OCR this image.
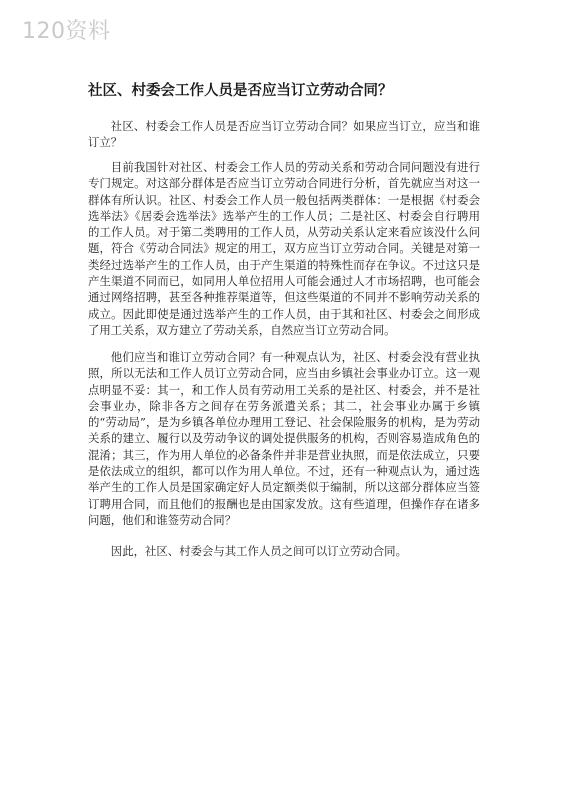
120资料
社区、村委会工作人员是否应当订立劳动合同？

社区、村委会工作人员是否应当订立劳动合同？如果应当订立，应当和谁订立？

目前我国针对社区、村委会工作人员的劳动关系和劳动合同问题没有进行专门规定。对这部分群体是否应当订立劳动合同进行分析，首先就应当对这一群体有所认识。社区、村委会工作人员一般包括两类群体：一是根据《村委会选举法》《居委会选举法》选举产生的工作人员；二是社区、村委会自行聘用的工作人员。对于第二类聘用的工作人员，从劳动关系认定来看应该没什么问题，符合《劳动合同法》规定的用工，双方应当订立劳动合同。关键是对第一类经过选举产生的工作人员，由于产生渠道的特殊性而存在争议。不过这只是产生渠道不同而已，如同用人单位招用人可能会通过人才市场招聘，也可能会通过网络招聘，甚至各种推荐渠道等，但这些渠道的不同并不影响劳动关系的成立。因此即使是通过选举产生的工作人员，由于其和社区、村委会之间形成了用工关系，双方建立了劳动关系，自然应当订立劳动合同。

他们应当和谁订立劳动合同？有一种观点认为，社区、村委会没有营业执照，所以无法和工作人员订立劳动合同，应当由乡镇社会事业办订立。这一观点明显不妥：其一，和工作人员有劳动用工关系的是社区、村委会，并不是社会事业办，除非各方之间存在劳务派遣关系；其二，社会事业办属于乡镇的“劳动局”，是为乡镇各单位办理用工登记、社会保险服务的机构，是为劳动关系的建立、履行以及劳动争议的调处提供服务的机构，否则容易造成角色的混淆；其三，作为用人单位的必备条件并非是营业执照，而是依法成立，只要是依法成立的组织，都可以作为用人单位。不过，还有一种观点认为，通过选举产生的工作人员是国家确定好人员定额类似于编制，所以这部分群体应当签订聘用合同，而且他们的报酬也是由国家发放。这有些道理，但操作存在诸多问题，他们和谁签劳动合同？

因此，社区、村委会与其工作人员之间可以订立劳动合同。
